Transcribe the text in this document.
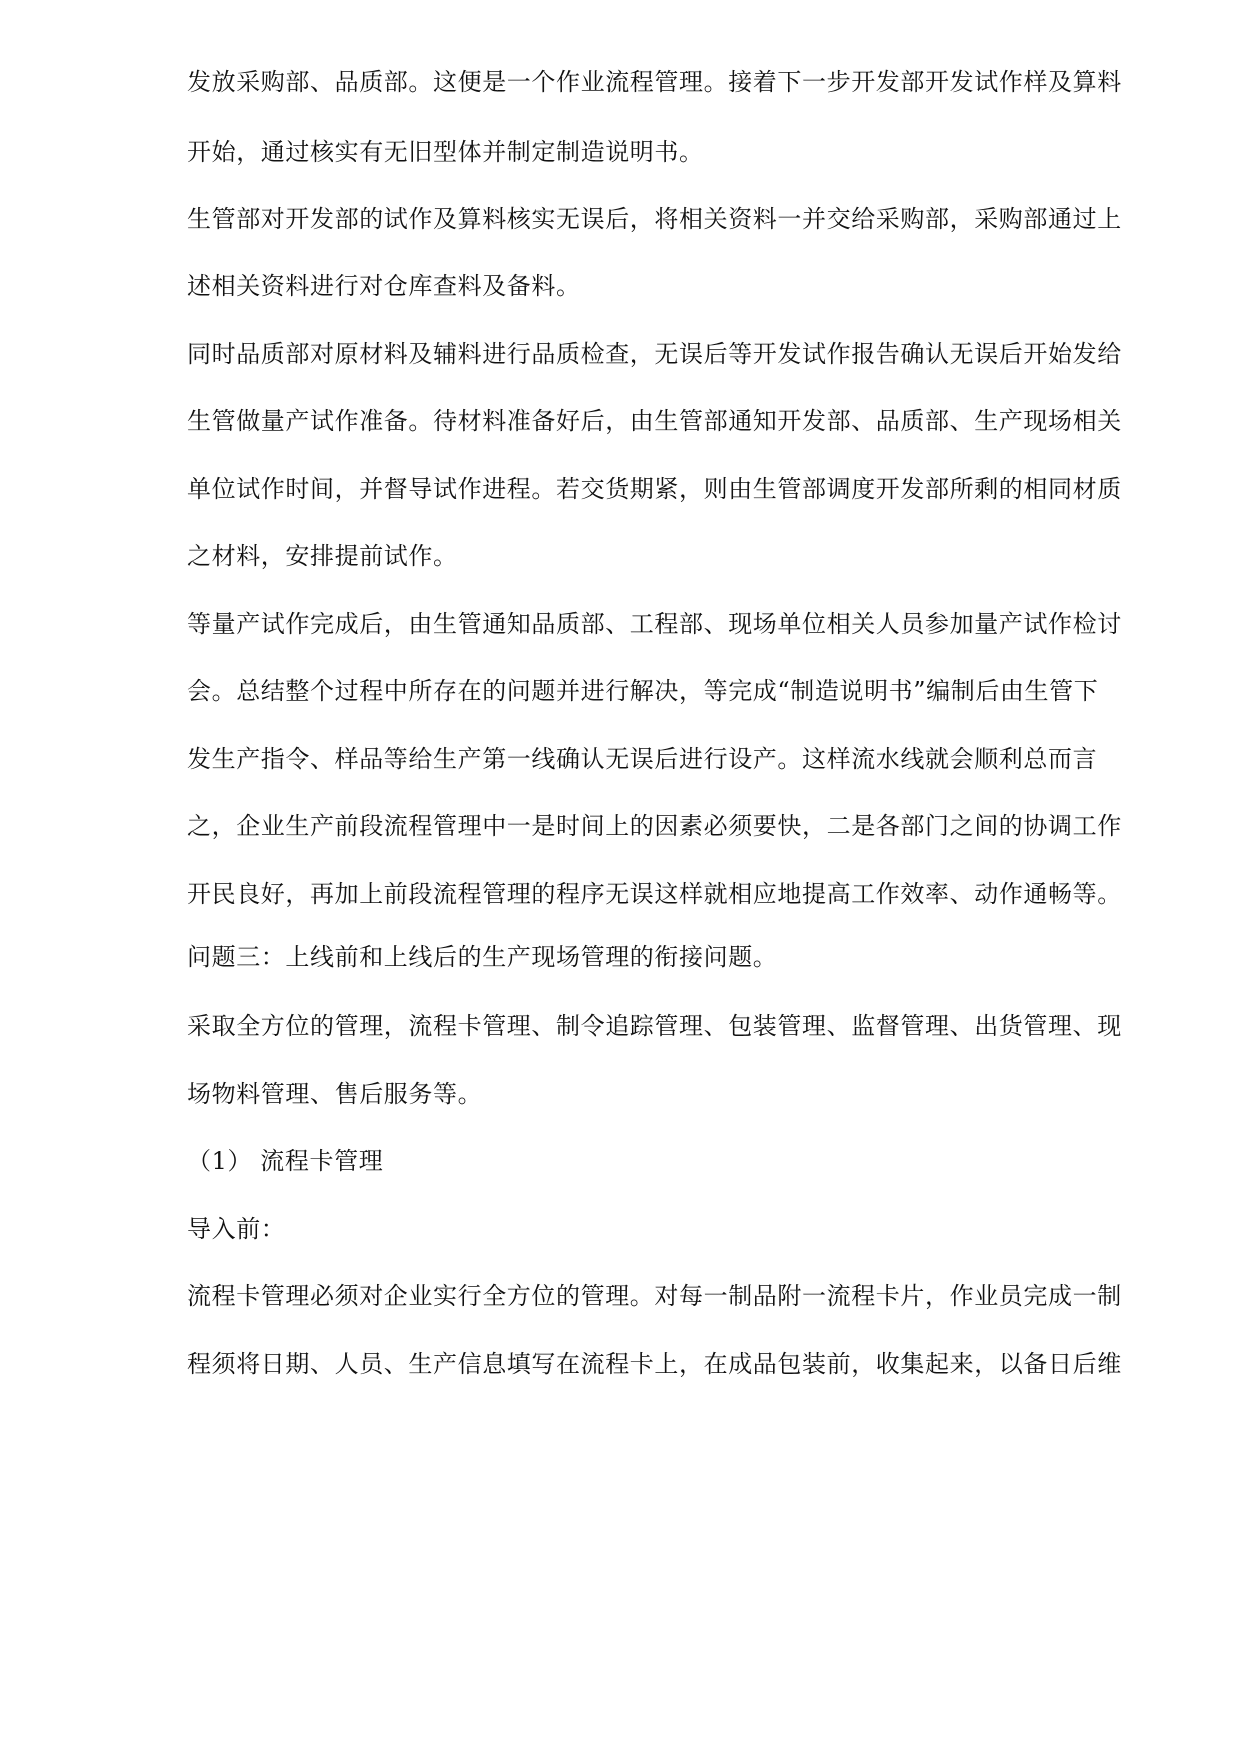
发放采购部、品质部。这便是一个作业流程管理。接着下一步开发部开发试作样及算料
开始，通过核实有无旧型体并制定制造说明书。
生管部对开发部的试作及算料核实无误后，将相关资料一并交给采购部，采购部通过上
述相关资料进行对仓库查料及备料。
同时品质部对原材料及辅料进行品质检查，无误后等开发试作报告确认无误后开始发给
生管做量产试作准备。待材料准备好后，由生管部通知开发部、品质部、生产现场相关
单位试作时间，并督导试作进程。若交货期紧，则由生管部调度开发部所剩的相同材质
之材料，安排提前试作。
等量产试作完成后，由生管通知品质部、工程部、现场单位相关人员参加量产试作检讨
会。总结整个过程中所存在的问题并进行解决，等完成“制造说明书”编制后由生管下
发生产指令、样品等给生产第一线确认无误后进行设产。这样流水线就会顺利总而言
之，企业生产前段流程管理中一是时间上的因素必须要快，二是各部门之间的协调工作
开民良好，再加上前段流程管理的程序无误这样就相应地提高工作效率、动作通畅等。
问题三：上线前和上线后的生产现场管理的衔接问题。
采取全方位的管理，流程卡管理、制令追踪管理、包装管理、监督管理、出货管理、现
场物料管理、售后服务等。
（1） 流程卡管理
导入前：
流程卡管理必须对企业实行全方位的管理。对每一制品附一流程卡片，作业员完成一制
程须将日期、人员、生产信息填写在流程卡上，在成品包装前，收集起来，以备日后维
